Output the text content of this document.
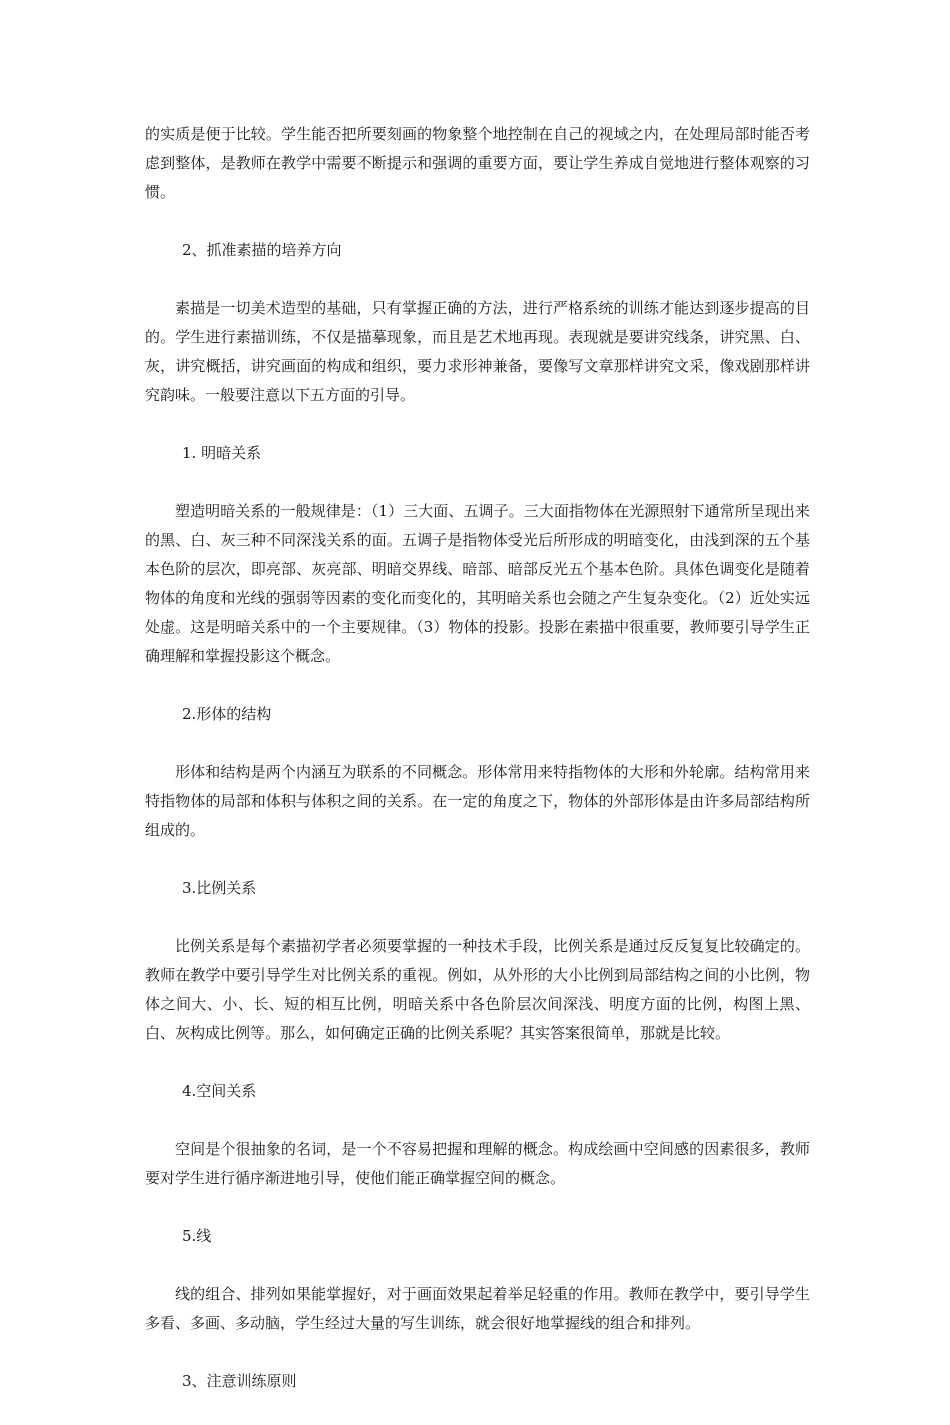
的实质是便于比较。学生能否把所要刻画的物象整个地控制在自己的视域之内，在处理局部时能否考虑到整体，是教师在教学中需要不断提示和强调的重要方面，要让学生养成自觉地进行整体观察的习惯。

2、抓准素描的培养方向

素描是一切美术造型的基础，只有掌握正确的方法，进行严格系统的训练才能达到逐步提高的目的。学生进行素描训练，不仅是描摹现象，而且是艺术地再现。表现就是要讲究线条，讲究黑、白、灰，讲究概括，讲究画面的构成和组织，要力求形神兼备，要像写文章那样讲究文采，像戏剧那样讲究韵味。一般要注意以下五方面的引导。

1. 明暗关系

塑造明暗关系的一般规律是：（1）三大面、五调子。三大面指物体在光源照射下通常所呈现出来的黑、白、灰三种不同深浅关系的面。五调子是指物体受光后所形成的明暗变化，由浅到深的五个基本色阶的层次，即亮部、灰亮部、明暗交界线、暗部、暗部反光五个基本色阶。具体色调变化是随着物体的角度和光线的强弱等因素的变化而变化的，其明暗关系也会随之产生复杂变化。（2）近处实远处虚。这是明暗关系中的一个主要规律。（3）物体的投影。投影在素描中很重要，教师要引导学生正确理解和掌握投影这个概念。

2.形体的结构

形体和结构是两个内涵互为联系的不同概念。形体常用来特指物体的大形和外轮廓。结构常用来特指物体的局部和体积与体积之间的关系。在一定的角度之下，物体的外部形体是由许多局部结构所组成的。

3.比例关系

比例关系是每个素描初学者必须要掌握的一种技术手段，比例关系是通过反反复复比较确定的。教师在教学中要引导学生对比例关系的重视。例如，从外形的大小比例到局部结构之间的小比例，物体之间大、小、长、短的相互比例，明暗关系中各色阶层次间深浅、明度方面的比例，构图上黑、白、灰构成比例等。那么，如何确定正确的比例关系呢？其实答案很简单，那就是比较。

4.空间关系

空间是个很抽象的名词，是一个不容易把握和理解的概念。构成绘画中空间感的因素很多，教师要对学生进行循序渐进地引导，使他们能正确掌握空间的概念。

5.线

线的组合、排列如果能掌握好，对于画面效果起着举足轻重的作用。教师在教学中，要引导学生多看、多画、多动脑，学生经过大量的写生训练，就会很好地掌握线的组合和排列。

3、注意训练原则
